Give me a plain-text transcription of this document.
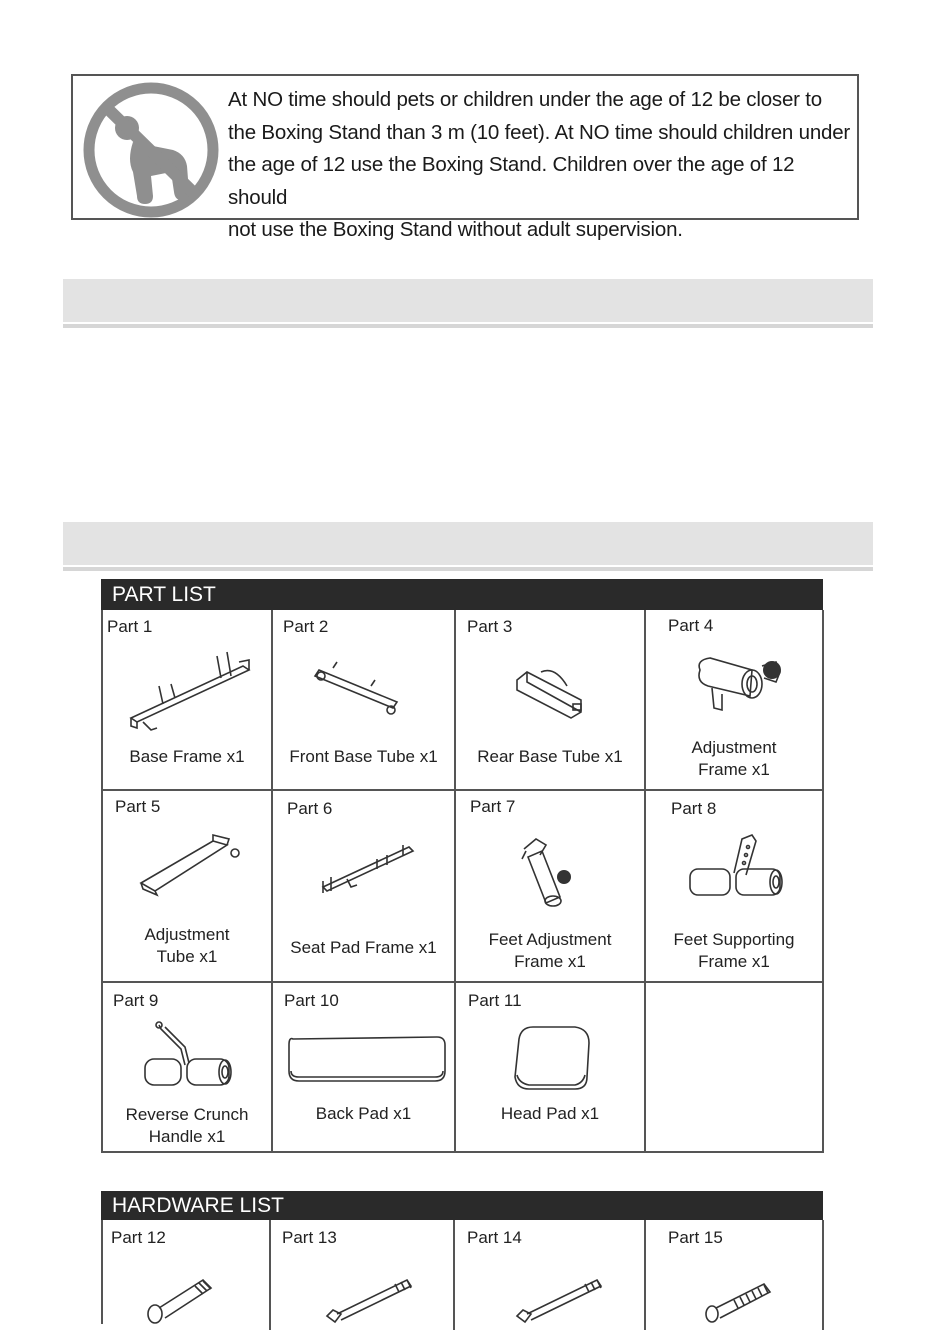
At NO time should pets or children under the age of 12 be closer to
the Boxing Stand than 3 m (10 feet). At NO time should children under
the age of 12 use the Boxing Stand. Children over the age of 12 should
not use the Boxing Stand without adult supervision.
PART LIST
Part 1
Base Frame x1
Part 2
Front Base Tube x1
Part 3
Rear Base Tube x1
Part 4
Adjustment
Frame x1
Part 5
Adjustment
Tube x1
Part 6
Seat Pad Frame x1
Part 7
Feet Adjustment
Frame x1
Part 8
Feet Supporting
Frame x1
Part 9
Reverse Crunch
Handle x1
Part 10
Back Pad x1
Part 11
Head Pad x1
HARDWARE LIST
Part 12	Part 13	Part 14	Part 15
